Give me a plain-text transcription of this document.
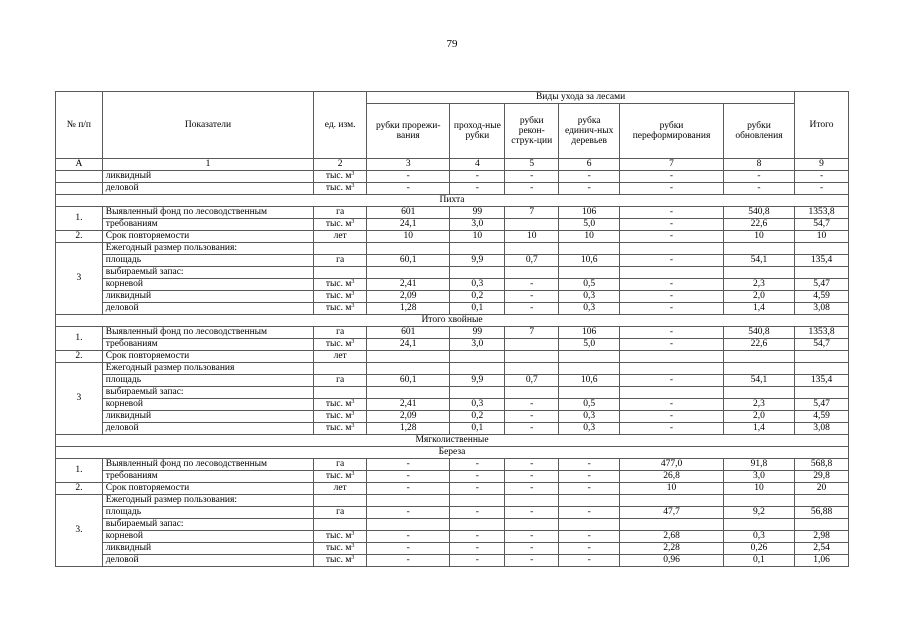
79
№ п/п	Показатели	ед. изм.	Виды ухода за лесами						Итого
			рубки прорежи-вания	проход-ные рубки	рубки рекон-струк-ции	рубка единич-ных деревьев	рубки переформирования	рубки обновления	
А	1	2	3	4	5	6	7	8	9
	ликвидный	тыс. $м^3$	-	-	-	-	-	-	-
	деловой	тыс. $м^3$	-	-	-	-	-	-	-
Пихта									
1.	Выявленный фонд по лесоводственным	га	601	99	7	106	-	540,8	1353,8
	требованиям	тыс. $м^3$	24,1	3,0		5,0	-	22,6	54,7
2.	Срок повторяемости	лет	10	10	10	10	-	10	10
3	Ежегодный размер пользования:								
	площадь	га	60,1	9,9	0,7	10,6	-	54,1	135,4
	выбираемый запас:								
	корневой	тыс. $м^3$	2,41	0,3	-	0,5	-	2,3	5,47
	ликвидный	тыс. $м^3$	2,09	0,2	-	0,3	-	2,0	4,59
	деловой	тыс. $м^3$	1,28	0,1	-	0,3	-	1,4	3,08
Итого хвойные									
1.	Выявленный фонд по лесоводственным	га	601	99	7	106	-	540,8	1353,8
	требованиям	тыс. $м^3$	24,1	3,0		5,0	-	22,6	54,7
2.	Срок повторяемости	лет							
3	Ежегодный размер пользования								
	площадь	га	60,1	9,9	0,7	10,6	-	54,1	135,4
	выбираемый запас:								
	корневой	тыс. $м^3$	2,41	0,3	-	0,5	-	2,3	5,47
	ликвидный	тыс. $м^3$	2,09	0,2	-	0,3	-	2,0	4,59
	деловой	тыс. $м^3$	1,28	0,1	-	0,3	-	1,4	3,08
Мягколиственные									
Береза									
1.	Выявленный фонд по лесоводственным	га	-	-	-	-	477,0	91,8	568,8
	требованиям	тыс. $м^3$	-	-	-	-	26,8	3,0	29,8
2.	Срок повторяемости	лет	-	-	-	-	10	10	20
3.	Ежегодный размер пользования:								
	площадь	га	-	-	-	-	47,7	9,2	56,88
	выбираемый запас:								
	корневой	тыс. $м^3$	-	-	-	-	2,68	0,3	2,98
	ликвидный	тыс. $м^3$	-	-	-	-	2,28	0,26	2,54
	деловой	тыс. $м^3$	-	-	-	-	0,96	0,1	1,06
